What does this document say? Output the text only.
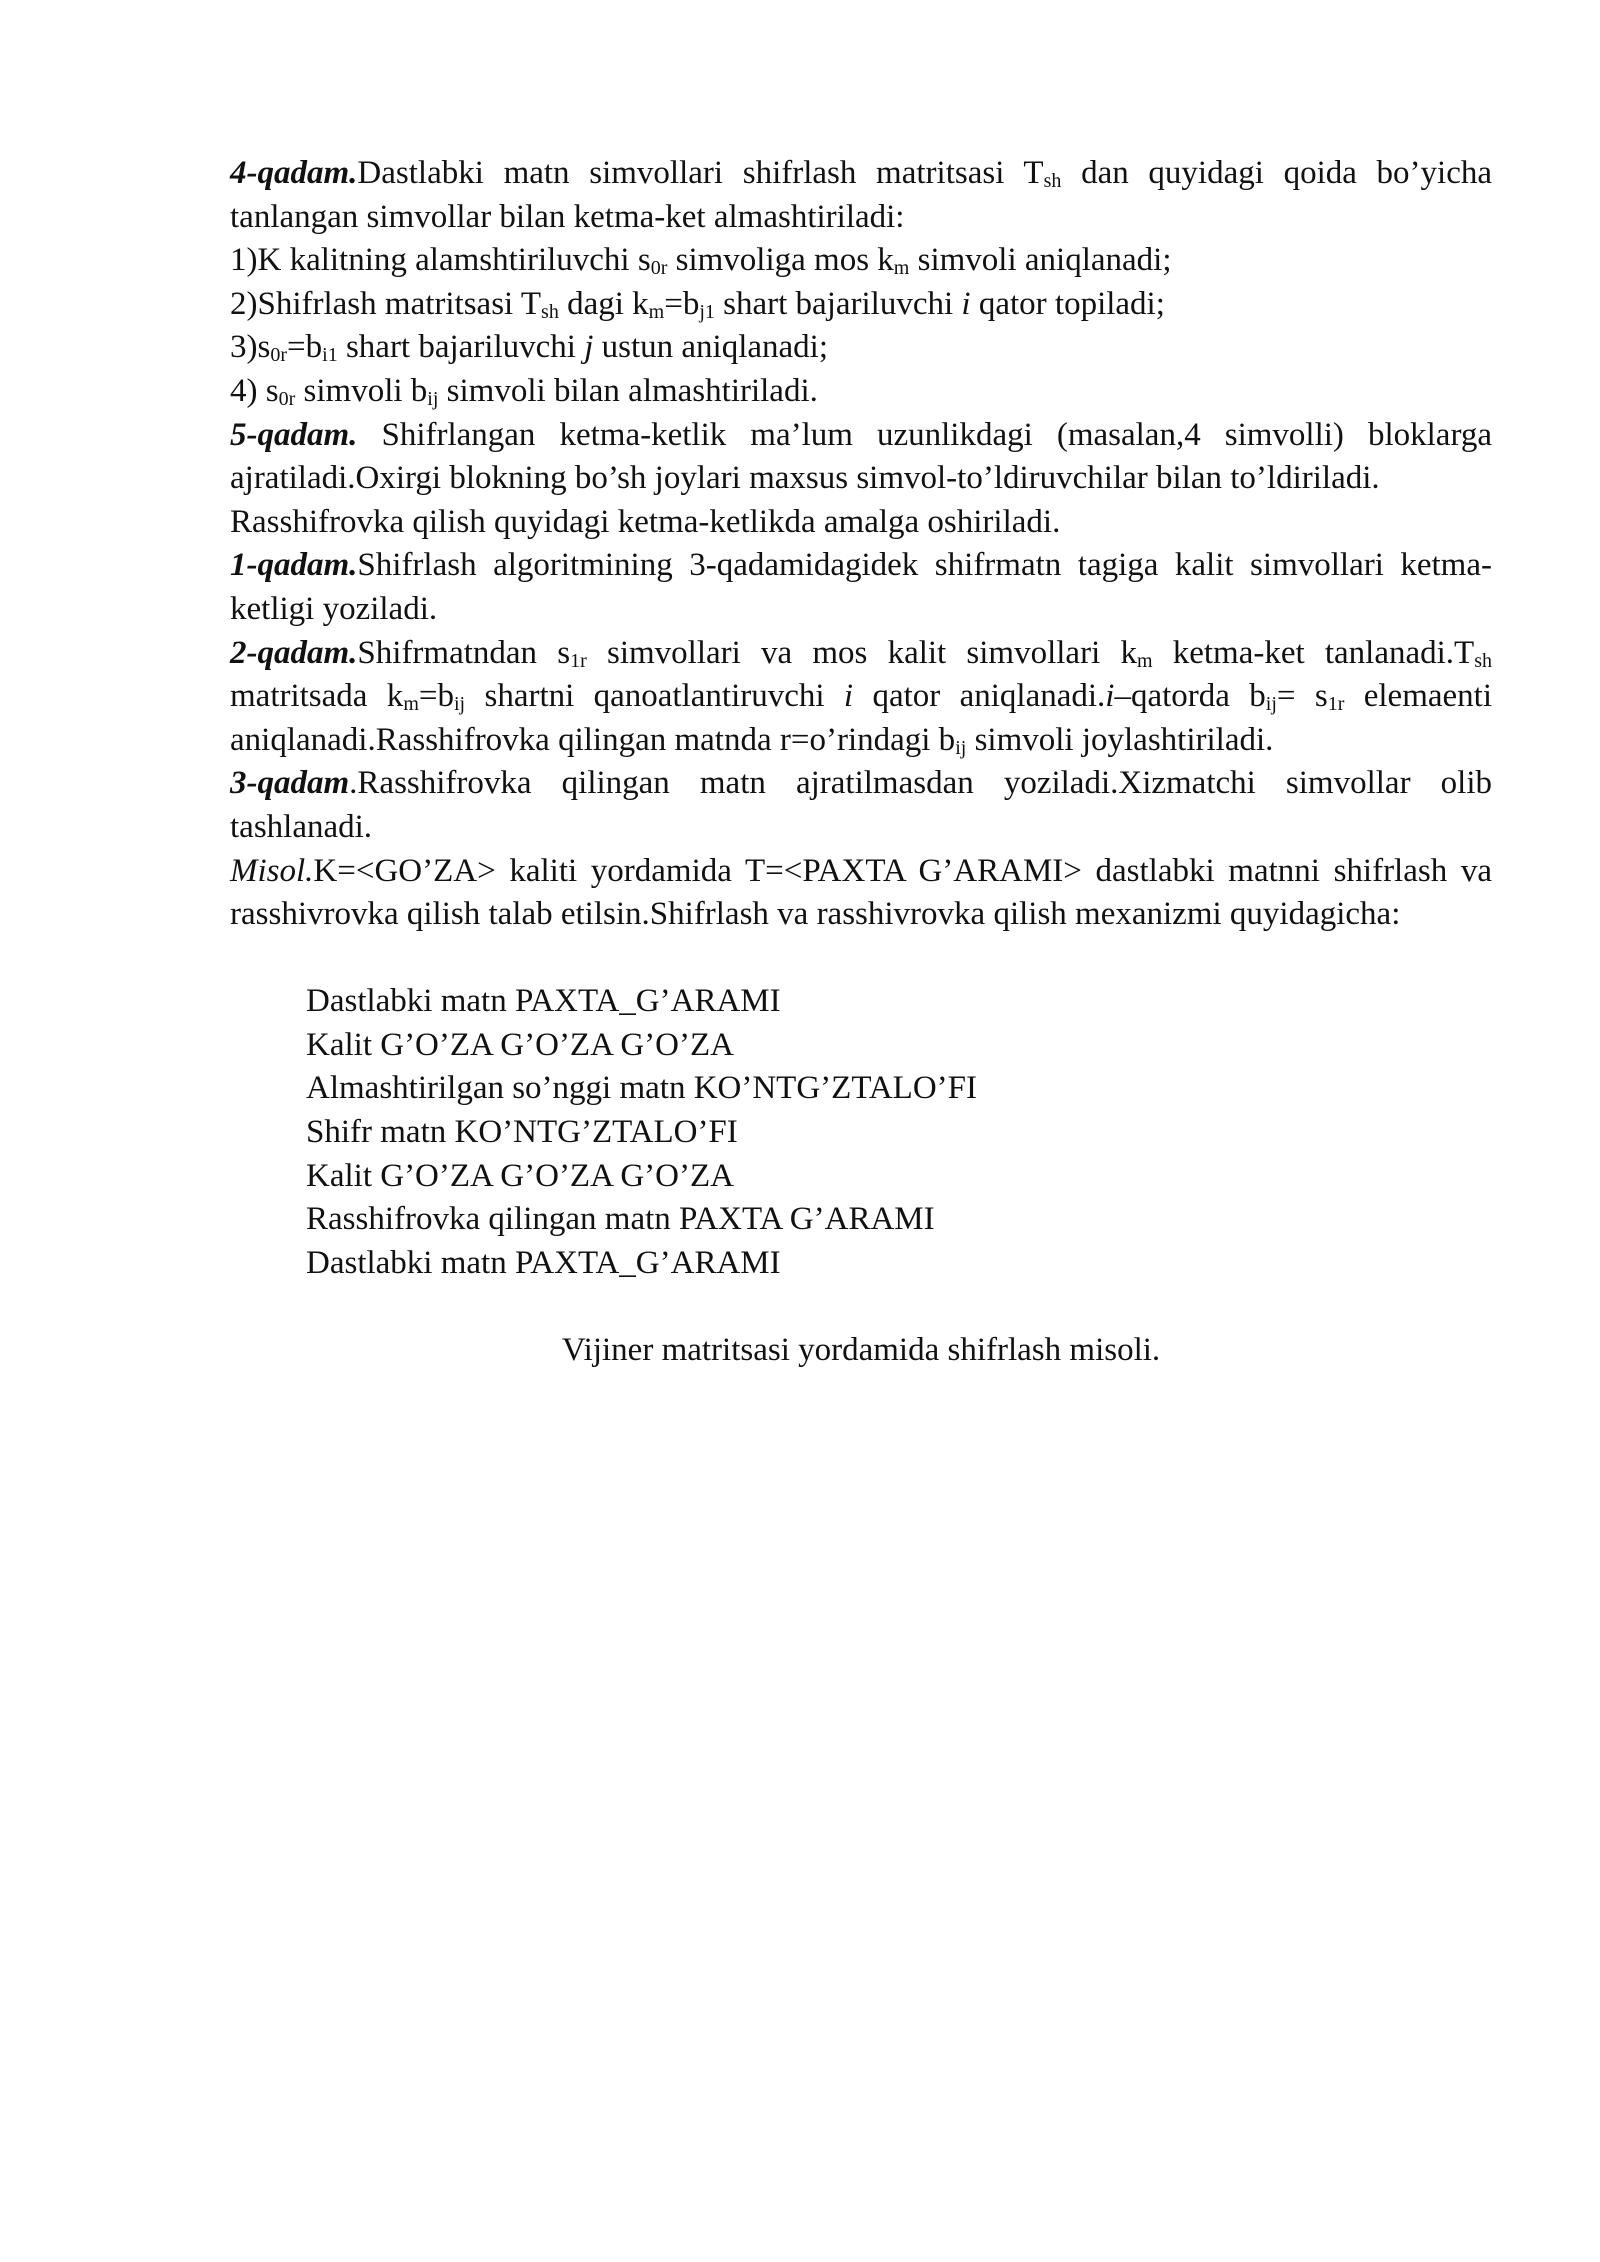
4-qadam.Dastlabki matn simvollari shifrlash matritsasi $T_{sh}$ dan quyidagi qoida bo’yicha tanlangan simvollar bilan ketma-ket almashtiriladi:

1)K kalitning alamshtiriluvchi $s_{0r}$ simvoliga mos $k_m$ simvoli aniqlanadi;

2)Shifrlash matritsasi $T_{sh}$ dagi $k_m=b_{j1}$ shart bajariluvchi i qator topiladi;

$3)s_{0r}=b_{i1}$ shart bajariluvchi j ustun aniqlanadi;

4) $s_{0r}$ simvoli $b_{ij}$ simvoli bilan almashtiriladi.

5-qadam. Shifrlangan ketma-ketlik ma’lum uzunlikdagi (masalan,4 simvolli) bloklarga ajratiladi.Oxirgi blokning bo’sh joylari maxsus simvol-to’ldiruvchilar bilan to’ldiriladi.

Rasshifrovka qilish quyidagi ketma-ketlikda amalga oshiriladi.

1-qadam.Shifrlash algoritmining 3-qadamidagidek shifrmatn tagiga kalit simvollari ketma-ketligi yoziladi.

2-qadam.Shifrmatndan $s_{1r}$ simvollari va mos kalit simvollari $k_m$ ketma-ket $tanlanadi.T_{sh}$ matritsada $k_m=b_{ij}$ shartni qanoatlantiruvchi i qator aniqlanadi.i–qatorda $b_{ij}= s_{1r}$ elemaenti aniqlanadi.Rasshifrovka qilingan matnda r=o’rindagi $b_{ij}$ simvoli joylashtiriladi.

3-qadam.Rasshifrovka qilingan matn ajratilmasdan yoziladi.Xizmatchi simvollar olib tashlanadi.

Misol.K=<GO’ZA> kaliti yordamida T=<PAXTA G’ARAMI> dastlabki matnni shifrlash va rasshivrovka qilish talab etilsin.Shifrlash va rasshivrovka qilish mexanizmi quyidagicha:

Dastlabki matn PAXTA_G’ARAMI
Kalit G’O’ZA G’O’ZA G’O’ZA
Almashtirilgan so’nggi matn KO’NTG’ZTALO’FI
Shifr matn KO’NTG’ZTALO’FI
Kalit G’O’ZA G’O’ZA G’O’ZA
Rasshifrovka qilingan matn PAXTA G’ARAMI
Dastlabki matn PAXTA_G’ARAMI
Vijiner matritsasi yordamida shifrlash misoli.
